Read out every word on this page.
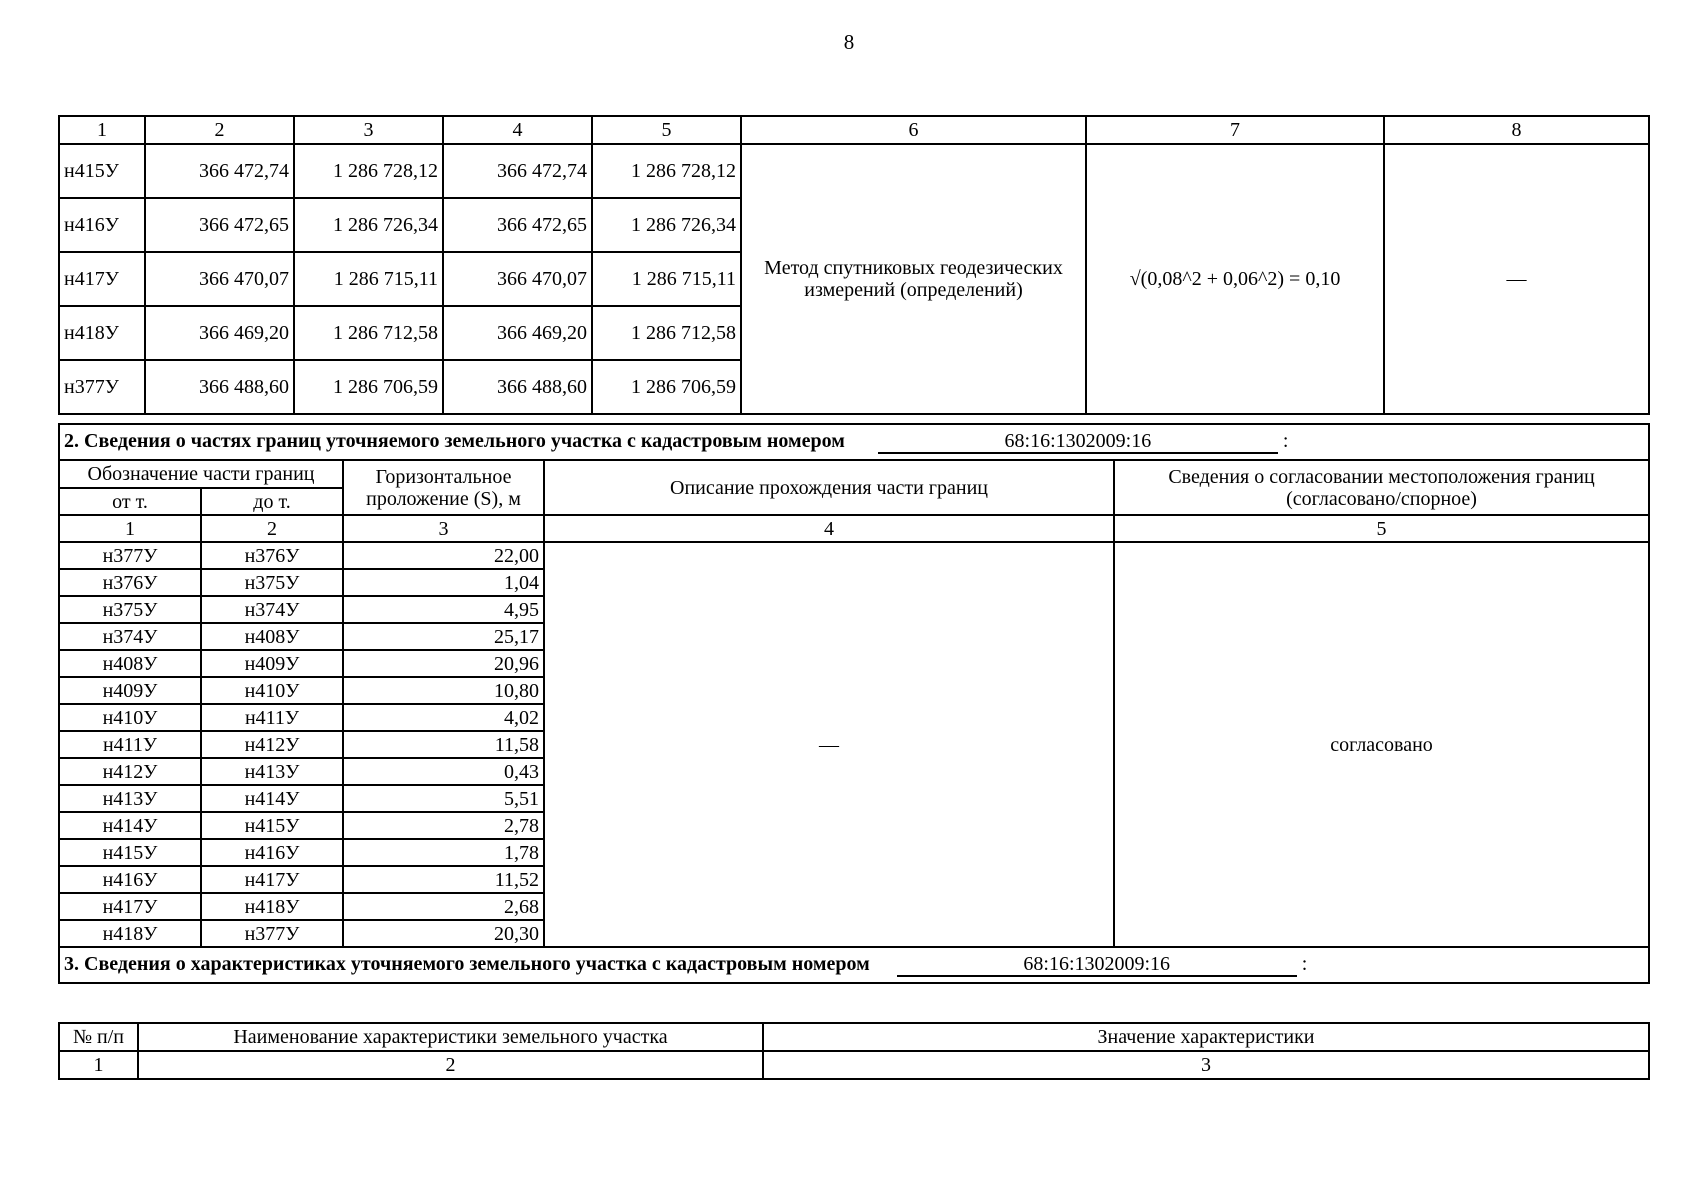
8
1	2	3	4	5	6	7	8
н415У	366 472,74	1 286 728,12	366 472,74	1 286 728,12	Метод спутниковых геодезических измерений (определений)	√(0,08^2 + 0,06^2) = 0,10	—
н416У	366 472,65	1 286 726,34	366 472,65	1 286 726,34			
н417У	366 470,07	1 286 715,11	366 470,07	1 286 715,11			
н418У	366 469,20	1 286 712,58	366 469,20	1 286 712,58			
н377У	366 488,60	1 286 706,59	366 488,60	1 286 706,59			
2. Сведения о частях границ уточняемого земельного участка с кадастровым номером 68:16:1302009:16 :				
Обозначение части границ		Горизонтальное проложение (S), м	Описание прохождения части границ	Сведения о согласовании местоположения границ (согласовано/спорное)
от т.	до т.			
1	2	3	4	5
н377У	н376У	22,00	—	согласовано
н376У	н375У	1,04		
н375У	н374У	4,95		
н374У	н408У	25,17		
н408У	н409У	20,96		
н409У	н410У	10,80		
н410У	н411У	4,02		
н411У	н412У	11,58		
н412У	н413У	0,43		
н413У	н414У	5,51		
н414У	н415У	2,78		
н415У	н416У	1,78		
н416У	н417У	11,52		
н417У	н418У	2,68		
н418У	н377У	20,30		
3. Сведения о характеристиках уточняемого земельного участка с кадастровым номером 68:16:1302009:16 :				
№ п/п	Наименование характеристики земельного участка	Значение характеристики
1	2	3
